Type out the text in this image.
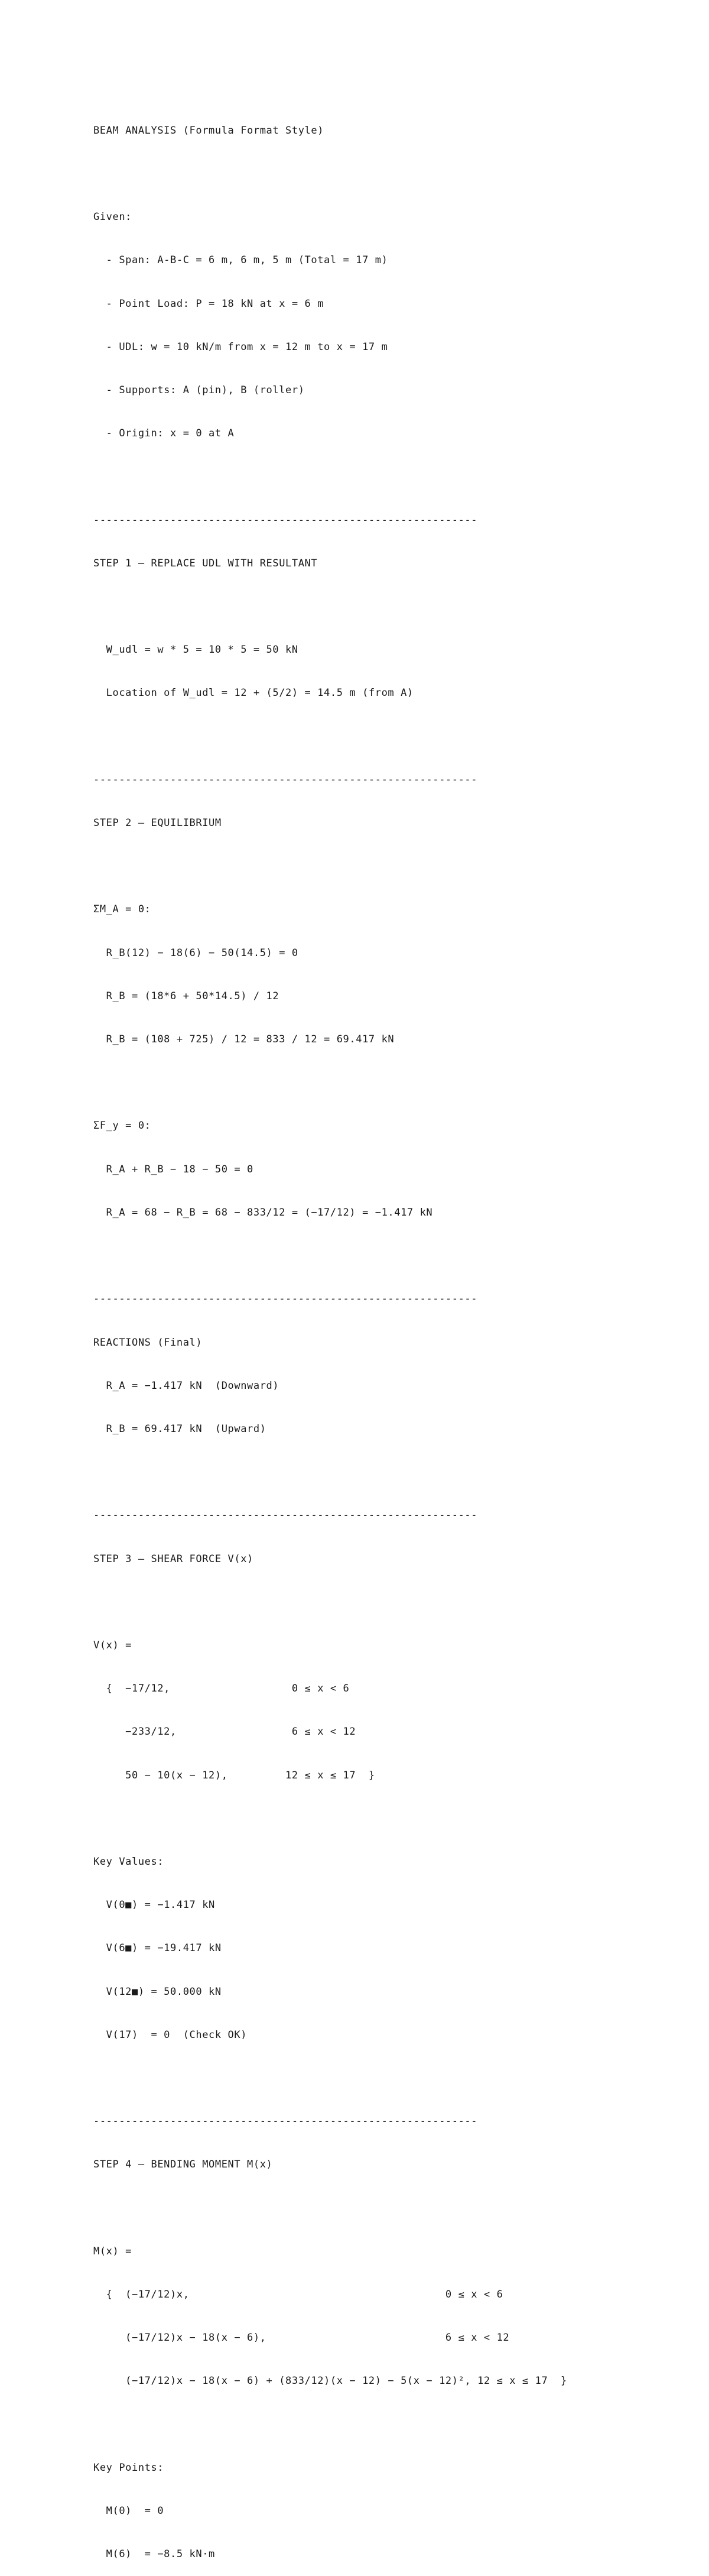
BEAM ANALYSIS (Formula Format Style)

Given:

- Span: A-B-C = 6 m, 6 m, 5 m (Total = 17 m)

- Point Load: P = 18 kN at x = 6 m

- UDL: w = 10 kN/m from x = 12 m to x = 17 m

- Supports: A (pin), B (roller)

- Origin: x = 0 at A

------------------------------------------------------------

STEP 1 — REPLACE UDL WITH RESULTANT

W_udl = w * 5 = 10 * 5 = 50 kN

Location of W_udl = 12 + (5/2) = 14.5 m (from A)

------------------------------------------------------------

STEP 2 — EQUILIBRIUM

ΣM_A = 0:

R_B(12) − 18(6) − 50(14.5) = 0

R_B = (18*6 + 50*14.5) / 12

R_B = (108 + 725) / 12 = 833 / 12 = 69.417 kN

ΣF_y = 0:

R_A + R_B − 18 − 50 = 0

R_A = 68 − R_B = 68 − 833/12 = (−17/12) = −1.417 kN

------------------------------------------------------------

REACTIONS (Final)

R_A = −1.417 kN  (Downward)

R_B = 69.417 kN  (Upward)

------------------------------------------------------------

STEP 3 — SHEAR FORCE V(x)

V(x) =

{  −17/12,                   0 ≤ x < 6

−233/12,                  6 ≤ x < 12

50 − 10(x − 12),         12 ≤ x ≤ 17  }

Key Values:

V(0■) = −1.417 kN

V(6■) = −19.417 kN

V(12■) = 50.000 kN

V(17)  = 0  (Check OK)

------------------------------------------------------------

STEP 4 — BENDING MOMENT M(x)

M(x) =

{  (−17/12)x,                                        0 ≤ x < 6

(−17/12)x − 18(x − 6),                            6 ≤ x < 12

(−17/12)x − 18(x − 6) + (833/12)(x − 12) − 5(x − 12)², 12 ≤ x ≤ 17  }

Key Points:

M(0)  = 0

M(6)  = −8.5 kN·m
